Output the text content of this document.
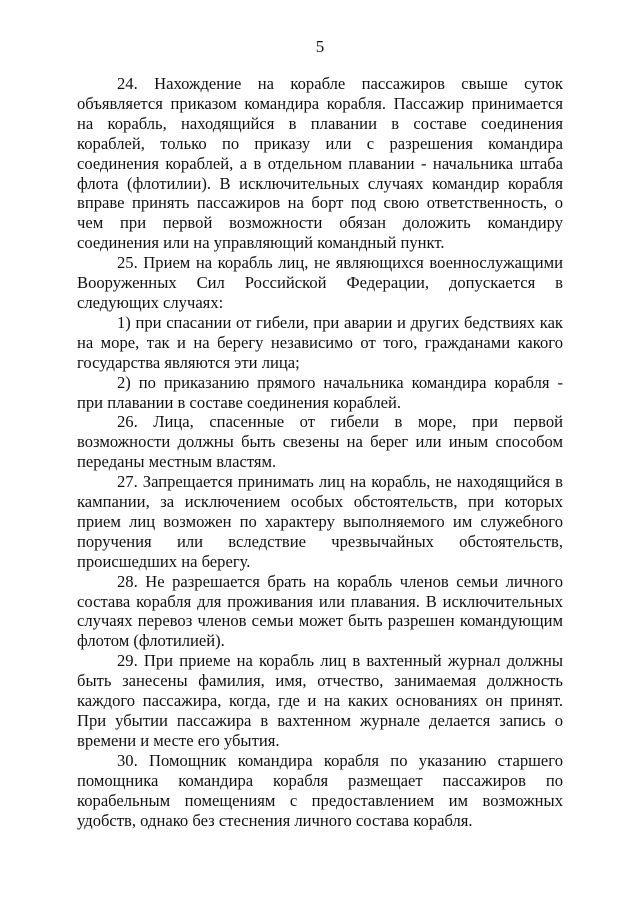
5

24. Нахождение на корабле пассажиров свыше суток объявляется приказом командира корабля. Пассажир принимается на корабль, находящийся в плавании в составе соединения кораблей, только по приказу или с разрешения командира соединения кораблей, а в отдельном плавании - начальника штаба флота (флотилии). В исключительных случаях командир корабля вправе принять пассажиров на борт под свою ответственность, о чем при первой возможности обязан доложить командиру соединения или на управляющий командный пункт.

25. Прием на корабль лиц, не являющихся военнослужащими Вооруженных Сил Российской Федерации, допускается в следующих случаях:

1) при спасании от гибели, при аварии и других бедствиях как на море, так и на берегу независимо от того, гражданами какого государства являются эти лица;

2) по приказанию прямого начальника командира корабля - при плавании в составе соединения кораблей.

26. Лица, спасенные от гибели в море, при первой возможности должны быть свезены на берег или иным способом переданы местным властям.

27. Запрещается принимать лиц на корабль, не находящийся в кампании, за исключением особых обстоятельств, при которых прием лиц возможен по характеру выполняемого им служебного поручения или вследствие чрезвычайных обстоятельств, происшедших на берегу.

28. Не разрешается брать на корабль членов семьи личного состава корабля для проживания или плавания. В исключительных случаях перевоз членов семьи может быть разрешен командующим флотом (флотилией).

29. При приеме на корабль лиц в вахтенный журнал должны быть занесены фамилия, имя, отчество, занимаемая должность каждого пассажира, когда, где и на каких основаниях он принят. При убытии пассажира в вахтенном журнале делается запись о времени и месте его убытия.

30. Помощник командира корабля по указанию старшего помощника командира корабля размещает пассажиров по корабельным помещениям с предоставлением им возможных удобств, однако без стеснения личного состава корабля.
